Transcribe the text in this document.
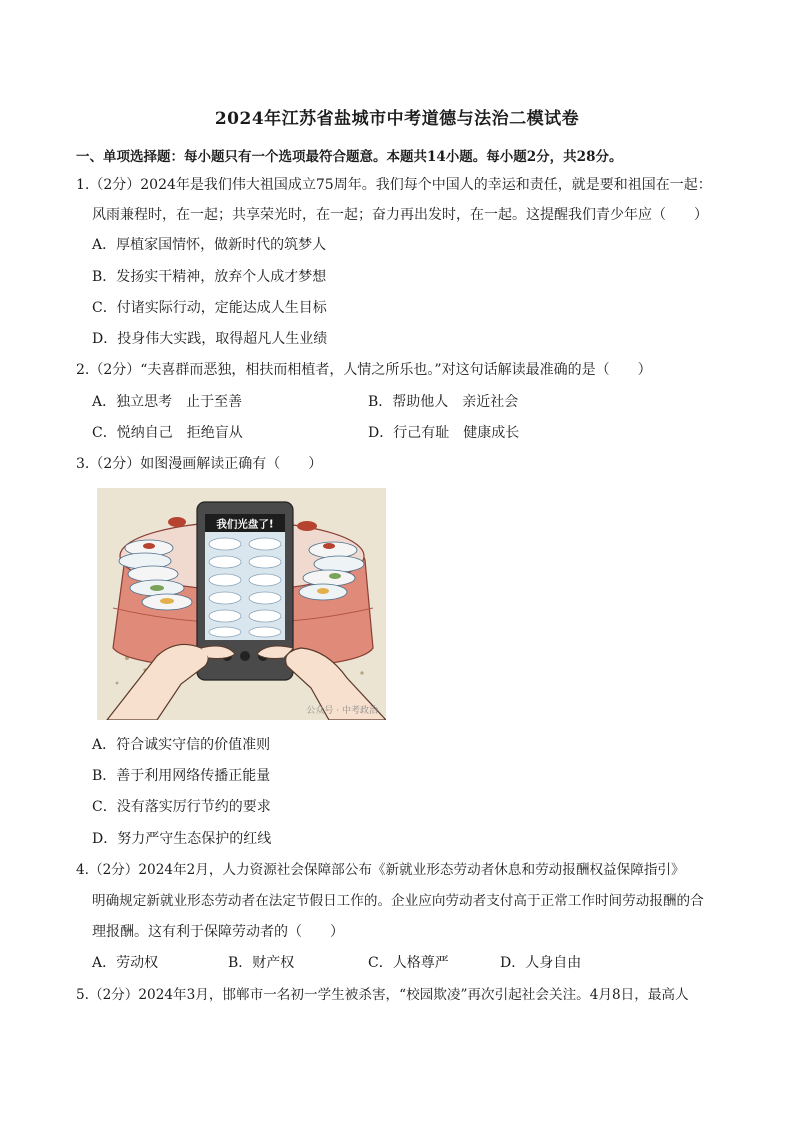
2024年江苏省盐城市中考道德与法治二模试卷
一、单项选择题：每小题只有一个选项最符合题意。本题共14小题。每小题2分，共28分。
1.（2分）2024年是我们伟大祖国成立75周年。我们每个中国人的幸运和责任，就是要和祖国在一起：
风雨兼程时，在一起；共享荣光时，在一起；奋力再出发时，在一起。这提醒我们青少年应（　　）
A．厚植家国情怀，做新时代的筑梦人
B．发扬实干精神，放弃个人成才梦想
C．付诸实际行动，定能达成人生目标
D．投身伟大实践，取得超凡人生业绩
2.（2分）“夫喜群而恶独，相扶而相植者，人情之所乐也。”对这句话解读最准确的是（　　）
A．独立思考　止于至善	B．帮助他人　亲近社会
C．悦纳自己　拒绝盲从	D．行己有耻　健康成长
3.（2分）如图漫画解读正确有（　　）
我们光盘了!
公众号 · 中考政治
A．符合诚实守信的价值准则
B．善于利用网络传播正能量
C．没有落实厉行节约的要求
D．努力严守生态保护的红线
4.（2分）2024年2月，人力资源社会保障部公布《新就业形态劳动者休息和劳动报酬权益保障指引》
明确规定新就业形态劳动者在法定节假日工作的。企业应向劳动者支付高于正常工作时间劳动报酬的合
理报酬。这有利于保障劳动者的（　　）
A．劳动权	B．财产权	C．人格尊严	D．人身自由
5.（2分）2024年3月，邯郸市一名初一学生被杀害，“校园欺凌”再次引起社会关注。4月8日，最高人
